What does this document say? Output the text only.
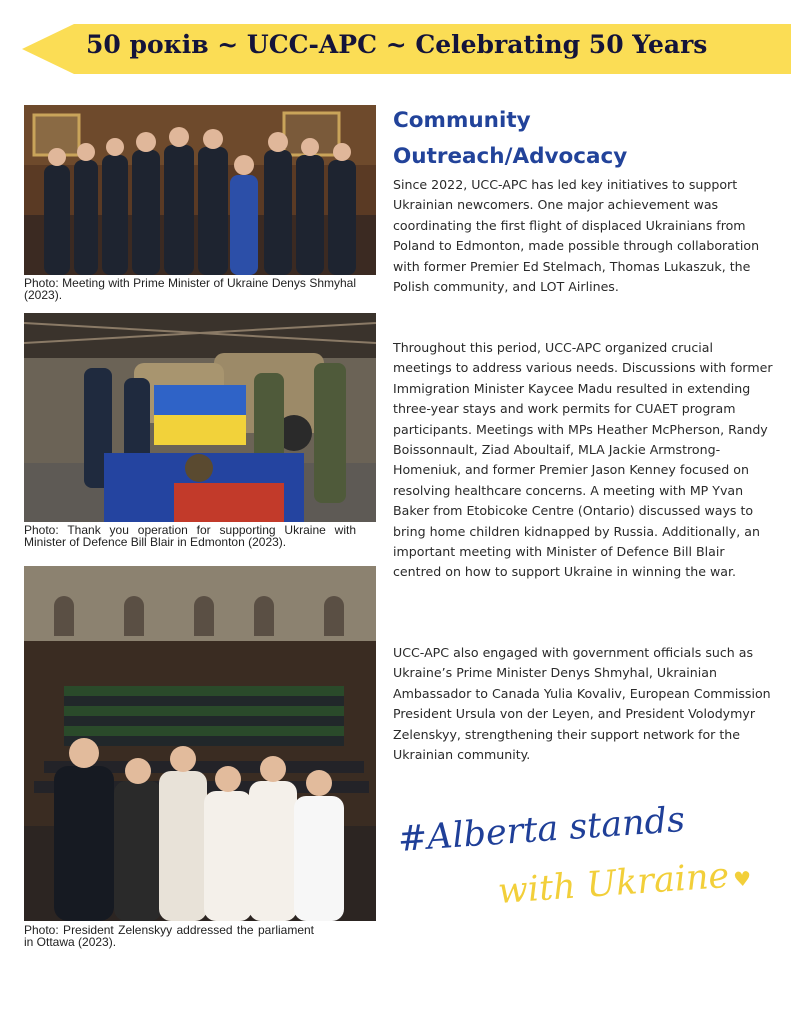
50 років ~ UCC-APC ~ Celebrating 50 Years
Photo: Meeting with Prime Minister of Ukraine Denys Shmyhal (2023).
Photo: Thank you operation for supporting Ukraine with Minister of Defence Bill Blair in Edmonton (2023).
Photo: President Zelenskyy addressed the parliament in Ottawa (2023).
Community Outreach/Advocacy
Since 2022, UCC-APC has led key initiatives to support Ukrainian newcomers. One major achievement was coordinating the first flight of displaced Ukrainians from Poland to Edmonton, made possible through collaboration with former Premier Ed Stelmach, Thomas Lukaszuk, the Polish community, and LOT Airlines.
Throughout this period, UCC-APC organized crucial meetings to address various needs. Discussions with former Immigration Minister Kaycee Madu resulted in extending three-year stays and work permits for CUAET program participants. Meetings with MPs Heather McPherson, Randy Boissonnault, Ziad Aboultaif, MLA Jackie Armstrong-Homeniuk, and former Premier Jason Kenney focused on resolving healthcare concerns. A meeting with MP Yvan Baker from Etobicoke Centre (Ontario) discussed ways to bring home children kidnapped by Russia. Additionally, an important meeting with Minister of Defence Bill Blair centred on how to support Ukraine in winning the war.
UCC-APC also engaged with government officials such as Ukraine’s Prime Minister Denys Shmyhal, Ukrainian Ambassador to Canada Yulia Kovaliv, European Commission President Ursula von der Leyen, and President Volodymyr Zelenskyy, strengthening their support network for the Ukrainian community.
#Alberta stands
with Ukraine ♥
